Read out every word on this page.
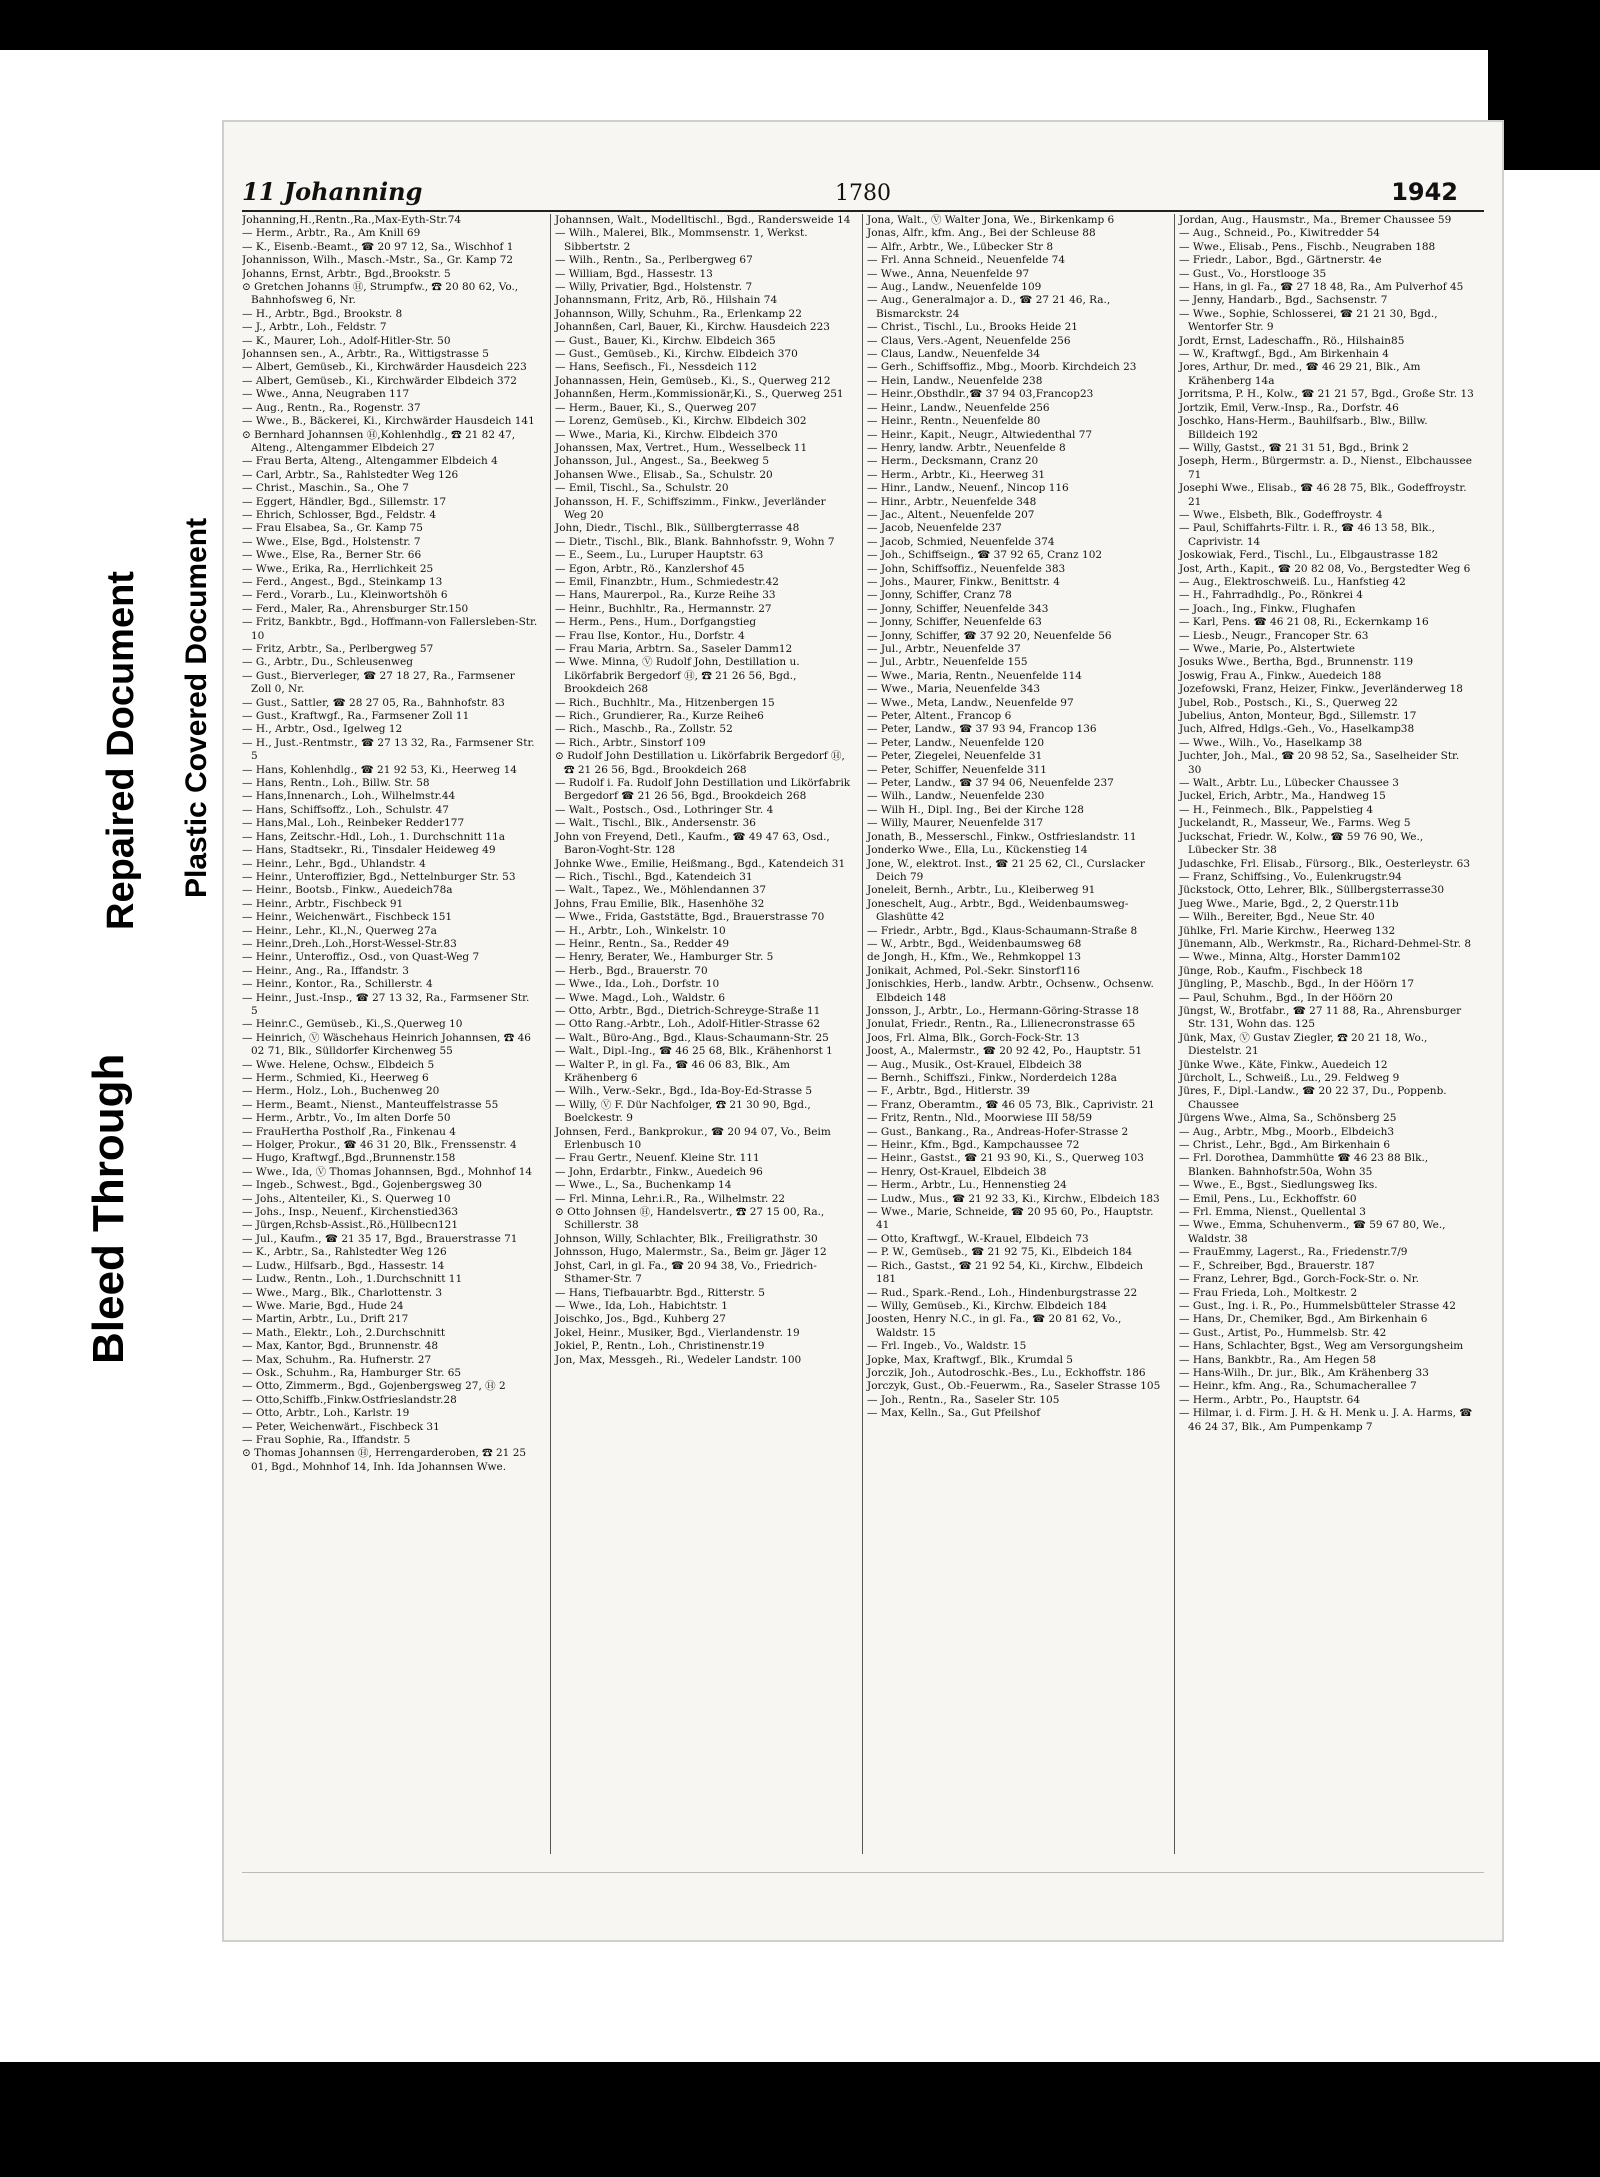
Bleed Through
Repaired Document Plastic Covered Document
11 Johanning	1780	1942

Johanning,H.,Rentn.,Ra.,Max-Eyth-Str.74

— Herm., Arbtr., Ra., Am Knill 69

— K., Eisenb.-Beamt., ☎ 20 97 12, Sa., Wischhof 1

Johannisson, Wilh., Masch.-Mstr., Sa., Gr. Kamp 72

Johanns, Ernst, Arbtr., Bgd.,Brookstr. 5

⊙ Gretchen Johanns Ⓗ, Strumpfw., ☎ 20 80 62, Vo., Bahnhofsweg 6, Nr.

— H., Arbtr., Bgd., Brookstr. 8

— J., Arbtr., Loh., Feldstr. 7

— K., Maurer, Loh., Adolf-Hitler-Str. 50

Johannsen sen., A., Arbtr., Ra., Wittigstrasse 5

— Albert, Gemüseb., Ki., Kirchwärder Hausdeich 223

— Albert, Gemüseb., Ki., Kirchwärder Elbdeich 372

— Wwe., Anna, Neugraben 117

— Aug., Rentn., Ra., Rogenstr. 37

— Wwe., B., Bäckerei, Ki., Kirchwärder Hausdeich 141

⊙ Bernhard Johannsen Ⓗ,Kohlenhdlg., ☎ 21 82 47, Alteng., Altengammer Elbdeich 27

— Frau Berta, Alteng., Altengammer Elbdeich 4

— Carl, Arbtr., Sa., Rahlstedter Weg 126

— Christ., Maschin., Sa., Ohe 7

— Eggert, Händler, Bgd., Sillemstr. 17

— Ehrich, Schlosser, Bgd., Feldstr. 4

— Frau Elsabea, Sa., Gr. Kamp 75

— Wwe., Else, Bgd., Holstenstr. 7

— Wwe., Else, Ra., Berner Str. 66

— Wwe., Erika, Ra., Herrlichkeit 25

— Ferd., Angest., Bgd., Steinkamp 13

— Ferd., Vorarb., Lu., Kleinwortshöh 6

— Ferd., Maler, Ra., Ahrensburger Str.150

— Fritz, Bankbtr., Bgd., Hoffmann-von Fallersleben-Str. 10

— Fritz, Arbtr., Sa., Perlbergweg 57

— G., Arbtr., Du., Schleusenweg

— Gust., Bierverleger, ☎ 27 18 27, Ra., Farmsener Zoll 0, Nr.

— Gust., Sattler, ☎ 28 27 05, Ra., Bahnhofstr. 83

— Gust., Kraftwgf., Ra., Farmsener Zoll 11

— H., Arbtr., Osd., Igelweg 12

— H., Just.-Rentmstr., ☎ 27 13 32, Ra., Farmsener Str. 5

— Hans, Kohlenhdlg., ☎ 21 92 53, Ki., Heerweg 14

— Hans, Rentn., Loh., Billw. Str. 58

— Hans,Innenarch., Loh., Wilhelmstr.44

— Hans, Schiffsoffz., Loh., Schulstr. 47

— Hans,Mal., Loh., Reinbeker Redder177

— Hans, Zeitschr.-Hdl., Loh., 1. Durchschnitt 11a

— Hans, Stadtsekr., Ri., Tinsdaler Heideweg 49

— Heinr., Lehr., Bgd., Uhlandstr. 4

— Heinr., Unteroffizier, Bgd., Nettelnburger Str. 53

— Heinr., Bootsb., Finkw., Auedeich78a

— Heinr., Arbtr., Fischbeck 91

— Heinr., Weichenwärt., Fischbeck 151

— Heinr., Lehr., Kl.,N., Querweg 27a

— Heinr.,Dreh.,Loh.,Horst-Wessel-Str.83

— Heinr., Unteroffiz., Osd., von Quast-Weg 7

— Heinr., Ang., Ra., Iffandstr. 3

— Heinr., Kontor., Ra., Schillerstr. 4

— Heinr., Just.-Insp., ☎ 27 13 32, Ra., Farmsener Str. 5

— Heinr.C., Gemüseb., Ki.,S.,Querweg 10

— Heinrich, Ⓥ Wäschehaus Heinrich Johannsen, ☎ 46 02 71, Blk., Sülldorfer Kirchenweg 55

— Wwe. Helene, Ochsw., Elbdeich 5

— Herm., Schmied, Ki., Heerweg 6

— Herm., Holz., Loh., Buchenweg 20

— Herm., Beamt., Nienst., Manteuffelstrasse 55

— Herm., Arbtr., Vo., Im alten Dorfe 50

— FrauHertha Postholf ,Ra., Finkenau 4

— Holger, Prokur., ☎ 46 31 20, Blk., Frenssenstr. 4

— Hugo, Kraftwgf.,Bgd.,Brunnenstr.158

— Wwe., Ida, Ⓥ Thomas Johannsen, Bgd., Mohnhof 14

— Ingeb., Schwest., Bgd., Gojenbergsweg 30

— Johs., Altenteiler, Ki., S. Querweg 10

— Johs., Insp., Neuenf., Kirchenstied363

— Jürgen,Rchsb-Assist.,Rö.,Hüllbecn121

— Jul., Kaufm., ☎ 21 35 17, Bgd., Brauerstrasse 71

— K., Arbtr., Sa., Rahlstedter Weg 126

— Ludw., Hilfsarb., Bgd., Hassestr. 14

— Ludw., Rentn., Loh., 1.Durchschnitt 11

— Wwe., Marg., Blk., Charlottenstr. 3

— Wwe. Marie, Bgd., Hude 24

— Martin, Arbtr., Lu., Drift 217

— Math., Elektr., Loh., 2.Durchschnitt

— Max, Kantor, Bgd., Brunnenstr. 48

— Max, Schuhm., Ra. Hufnerstr. 27

— Osk., Schuhm., Ra, Hamburger Str. 65

— Otto, Zimmerm., Bgd., Gojenbergsweg 27, Ⓗ 2

— Otto,Schiffb.,Finkw.Ostfrieslandstr.28

— Otto, Arbtr., Loh., Karlstr. 19

— Peter, Weichenwärt., Fischbeck 31

— Frau Sophie, Ra., Iffandstr. 5

⊙ Thomas Johannsen Ⓗ, Herrengarderoben, ☎ 21 25 01, Bgd., Mohnhof 14, Inh. Ida Johannsen Wwe.

Johannsen, Walt., Modelltischl., Bgd., Randersweide 14

— Wilh., Malerei, Blk., Mommsenstr. 1, Werkst. Sibbertstr. 2

— Wilh., Rentn., Sa., Perlbergweg 67

— William, Bgd., Hassestr. 13

— Willy, Privatier, Bgd., Holstenstr. 7

Johannsmann, Fritz, Arb, Rö., Hilshain 74

Johannson, Willy, Schuhm., Ra., Erlenkamp 22

Johannßen, Carl, Bauer, Ki., Kirchw. Hausdeich 223

— Gust., Bauer, Ki., Kirchw. Elbdeich 365

— Gust., Gemüseb., Ki., Kirchw. Elbdeich 370

— Hans, Seefisch., Fi., Nessdeich 112

Johannassen, Hein, Gemüseb., Ki., S., Querweg 212

Johannßen, Herm.,Kommissionär,Ki., S., Querweg 251

— Herm., Bauer, Ki., S., Querweg 207

— Lorenz, Gemüseb., Ki., Kirchw. Elbdeich 302

— Wwe., Maria, Ki., Kirchw. Elbdeich 370

Johanssen, Max, Vertret., Hum., Wesselbeck 11

Johansson, Jul., Angest., Sa., Beekweg 5

Johansen Wwe., Elisab., Sa., Schulstr. 20

— Emil, Tischl., Sa., Schulstr. 20

Johansson, H. F., Schiffszimm., Finkw., Jeverländer Weg 20

John, Diedr., Tischl., Blk., Süllbergterrasse 48

— Dietr., Tischl., Blk., Blank. Bahnhofsstr. 9, Wohn 7

— E., Seem., Lu., Luruper Hauptstr. 63

— Egon, Arbtr., Rö., Kanzlershof 45

— Emil, Finanzbtr., Hum., Schmiedestr.42

— Hans, Maurerpol., Ra., Kurze Reihe 33

— Heinr., Buchhltr., Ra., Hermannstr. 27

— Herm., Pens., Hum., Dorfgangstieg

— Frau Ilse, Kontor., Hu., Dorfstr. 4

— Frau Maria, Arbtrn. Sa., Saseler Damm12

— Wwe. Minna, Ⓥ Rudolf John, Destillation u. Likörfabrik Bergedorf Ⓗ, ☎ 21 26 56, Bgd., Brookdeich 268

— Rich., Buchhltr., Ma., Hitzenbergen 15

— Rich., Grundierer, Ra., Kurze Reihe6

— Rich., Maschb., Ra., Zollstr. 52

— Rich., Arbtr., Sinstorf 109

⊙ Rudolf John Destillation u. Likörfabrik Bergedorf Ⓗ, ☎ 21 26 56, Bgd., Brookdeich 268

— Rudolf i. Fa. Rudolf John Destillation und Likörfabrik Bergedorf ☎ 21 26 56, Bgd., Brookdeich 268

— Walt., Postsch., Osd., Lothringer Str. 4

— Walt., Tischl., Blk., Andersenstr. 36

John von Freyend, Detl., Kaufm., ☎ 49 47 63, Osd., Baron-Voght-Str. 128

Johnke Wwe., Emilie, Heißmang., Bgd., Katendeich 31

— Rich., Tischl., Bgd., Katendeich 31

— Walt., Tapez., We., Möhlendannen 37

Johns, Frau Emilie, Blk., Hasenhöhe 32

— Wwe., Frida, Gaststätte, Bgd., Brauerstrasse 70

— H., Arbtr., Loh., Winkelstr. 10

— Heinr., Rentn., Sa., Redder 49

— Henry, Berater, We., Hamburger Str. 5

— Herb., Bgd., Brauerstr. 70

— Wwe., Ida., Loh., Dorfstr. 10

— Wwe. Magd., Loh., Waldstr. 6

— Otto, Arbtr., Bgd., Dietrich-Schreyge-Straße 11

— Otto Rang.-Arbtr., Loh., Adolf-Hitler-Strasse 62

— Walt., Büro-Ang., Bgd., Klaus-Schaumann-Str. 25

— Walt., Dipl.-Ing., ☎ 46 25 68, Blk., Krähenhorst 1

— Walter P., in gl. Fa., ☎ 46 06 83, Blk., Am Krähenberg 6

— Wilh., Verw.-Sekr., Bgd., Ida-Boy-Ed-Strasse 5

— Willy, Ⓥ F. Dür Nachfolger, ☎ 21 30 90, Bgd., Boelckestr. 9

Johnsen, Ferd., Bankprokur., ☎ 20 94 07, Vo., Beim Erlenbusch 10

— Frau Gertr., Neuenf. Kleine Str. 111

— John, Erdarbtr., Finkw., Auedeich 96

— Wwe., L., Sa., Buchenkamp 14

— Frl. Minna, Lehr.i.R., Ra., Wilhelmstr. 22

⊙ Otto Johnsen Ⓗ, Handelsvertr., ☎ 27 15 00, Ra., Schillerstr. 38

Johnson, Willy, Schlachter, Blk., Freiligrathstr. 30

Johnsson, Hugo, Malermstr., Sa., Beim gr. Jäger 12

Johst, Carl, in gl. Fa., ☎ 20 94 38, Vo., Friedrich-Sthamer-Str. 7

— Hans, Tiefbauarbtr. Bgd., Ritterstr. 5

— Wwe., Ida, Loh., Habichtstr. 1

Joischko, Jos., Bgd., Kuhberg 27

Jokel, Heinr., Musiker, Bgd., Vierlandenstr. 19

Jokiel, P., Rentn., Loh., Christinenstr.19

Jon, Max, Messgeh., Ri., Wedeler Landstr. 100

Jona, Walt., Ⓥ Walter Jona, We., Birkenkamp 6

Jonas, Alfr., kfm. Ang., Bei der Schleuse 88

— Alfr., Arbtr., We., Lübecker Str 8

— Frl. Anna Schneid., Neuenfelde 74

— Wwe., Anna, Neuenfelde 97

— Aug., Landw., Neuenfelde 109

— Aug., Generalmajor a. D., ☎ 27 21 46, Ra., Bismarckstr. 24

— Christ., Tischl., Lu., Brooks Heide 21

— Claus, Vers.-Agent, Neuenfelde 256

— Claus, Landw., Neuenfelde 34

— Gerh., Schiffsoffiz., Mbg., Moorb. Kirchdeich 23

— Hein, Landw., Neuenfelde 238

— Heinr.,Obsthdlr.,☎ 37 94 03,Francop23

— Heinr., Landw., Neuenfelde 256

— Heinr., Rentn., Neuenfelde 80

— Heinr., Kapit., Neugr., Altwiedenthal 77

— Henry, landw. Arbtr., Neuenfelde 8

— Herm., Decksmann, Cranz 20

— Herm., Arbtr., Ki., Heerweg 31

— Hinr., Landw., Neuenf., Nincop 116

— Hinr., Arbtr., Neuenfelde 348

— Jac., Altent., Neuenfelde 207

— Jacob, Neuenfelde 237

— Jacob, Schmied, Neuenfelde 374

— Joh., Schiffseign., ☎ 37 92 65, Cranz 102

— John, Schiffsoffiz., Neuenfelde 383

— Johs., Maurer, Finkw., Benittstr. 4

— Jonny, Schiffer, Cranz 78

— Jonny, Schiffer, Neuenfelde 343

— Jonny, Schiffer, Neuenfelde 63

— Jonny, Schiffer, ☎ 37 92 20, Neuenfelde 56

— Jul., Arbtr., Neuenfelde 37

— Jul., Arbtr., Neuenfelde 155

— Wwe., Maria, Rentn., Neuenfelde 114

— Wwe., Maria, Neuenfelde 343

— Wwe., Meta, Landw., Neuenfelde 97

— Peter, Altent., Francop 6

— Peter, Landw., ☎ 37 93 94, Francop 136

— Peter, Landw., Neuenfelde 120

— Peter, Ziegelei, Neuenfelde 31

— Peter, Schiffer, Neuenfelde 311

— Peter, Landw., ☎ 37 94 06, Neuenfelde 237

— Wilh., Landw., Neuenfelde 230

— Wilh H., Dipl. Ing., Bei der Kirche 128

— Willy, Maurer, Neuenfelde 317

Jonath, B., Messerschl., Finkw., Ostfrieslandstr. 11

Jonderko Wwe., Ella, Lu., Kückenstieg 14

Jone, W., elektrot. Inst., ☎ 21 25 62, Cl., Curslacker Deich 79

Joneleit, Bernh., Arbtr., Lu., Kleiberweg 91

Joneschelt, Aug., Arbtr., Bgd., Weidenbaumsweg-Glashütte 42

— Friedr., Arbtr., Bgd., Klaus-Schaumann-Straße 8

— W., Arbtr., Bgd., Weidenbaumsweg 68

de Jongh, H., Kfm., We., Rehmkoppel 13

Jonikait, Achmed, Pol.-Sekr. Sinstorf116

Jonischkies, Herb., landw. Arbtr., Ochsenw., Ochsenw. Elbdeich 148

Jonsson, J., Arbtr., Lo., Hermann-Göring-Strasse 18

Jonulat, Friedr., Rentn., Ra., Lilienecronstrasse 65

Joos, Frl. Alma, Blk., Gorch-Fock-Str. 13

Joost, A., Malermstr., ☎ 20 92 42, Po., Hauptstr. 51

— Aug., Musik., Ost-Krauel, Elbdeich 38

— Bernh., Schiffszi., Finkw., Norderdeich 128a

— F., Arbtr., Bgd., Hitlerstr. 39

— Franz, Oberamtm., ☎ 46 05 73, Blk., Caprivistr. 21

— Fritz, Rentn., Nld., Moorwiese III 58/59

— Gust., Bankang., Ra., Andreas-Hofer-Strasse 2

— Heinr., Kfm., Bgd., Kampchaussee 72

— Heinr., Gastst., ☎ 21 93 90, Ki., S., Querweg 103

— Henry, Ost-Krauel, Elbdeich 38

— Herm., Arbtr., Lu., Hennenstieg 24

— Ludw., Mus., ☎ 21 92 33, Ki., Kirchw., Elbdeich 183

— Wwe., Marie, Schneide, ☎ 20 95 60, Po., Hauptstr. 41

— Otto, Kraftwgf., W.-Krauel, Elbdeich 73

— P. W., Gemüseb., ☎ 21 92 75, Ki., Elbdeich 184

— Rich., Gastst., ☎ 21 92 54, Ki., Kirchw., Elbdeich 181

— Rud., Spark.-Rend., Loh., Hindenburgstrasse 22

— Willy, Gemüseb., Ki., Kirchw. Elbdeich 184

Joosten, Henry N.C., in gl. Fa., ☎ 20 81 62, Vo., Waldstr. 15

— Frl. Ingeb., Vo., Waldstr. 15

Jopke, Max, Kraftwgf., Blk., Krumdal 5

Jorczik, Joh., Autodroschk.-Bes., Lu., Eckhoffstr. 186

Jorczyk, Gust., Ob.-Feuerwm., Ra., Saseler Strasse 105

— Joh., Rentn., Ra., Saseler Str. 105

— Max, Kelln., Sa., Gut Pfeilshof

Jordan, Aug., Hausmstr., Ma., Bremer Chaussee 59

— Aug., Schneid., Po., Kiwitredder 54

— Wwe., Elisab., Pens., Fischb., Neugraben 188

— Friedr., Labor., Bgd., Gärtnerstr. 4e

— Gust., Vo., Horstlooge 35

— Hans, in gl. Fa., ☎ 27 18 48, Ra., Am Pulverhof 45

— Jenny, Handarb., Bgd., Sachsenstr. 7

— Wwe., Sophie, Schlosserei, ☎ 21 21 30, Bgd., Wentorfer Str. 9

Jordt, Ernst, Ladeschaffn., Rö., Hilshain85

— W., Kraftwgf., Bgd., Am Birkenhain 4

Jores, Arthur, Dr. med., ☎ 46 29 21, Blk., Am Krähenberg 14a

Jorritsma, P. H., Kolw., ☎ 21 21 57, Bgd., Große Str. 13

Jortzik, Emil, Verw.-Insp., Ra., Dorfstr. 46

Joschko, Hans-Herm., Bauhilfsarb., Blw., Billw. Billdeich 192

— Willy, Gastst., ☎ 21 31 51, Bgd., Brink 2

Joseph, Herm., Bürgermstr. a. D., Nienst., Elbchaussee 71

Josephi Wwe., Elisab., ☎ 46 28 75, Blk., Godeffroystr. 21

— Wwe., Elsbeth, Blk., Godeffroystr. 4

— Paul, Schiffahrts-Filtr. i. R., ☎ 46 13 58, Blk., Caprivistr. 14

Joskowiak, Ferd., Tischl., Lu., Elbgaustrasse 182

Jost, Arth., Kapit., ☎ 20 82 08, Vo., Bergstedter Weg 6

— Aug., Elektroschweiß. Lu., Hanfstieg 42

— H., Fahrradhdlg., Po., Rönkrei 4

— Joach., Ing., Finkw., Flughafen

— Karl, Pens. ☎ 46 21 08, Ri., Eckernkamp 16

— Liesb., Neugr., Francoper Str. 63

— Wwe., Marie, Po., Alstertwiete

Josuks Wwe., Bertha, Bgd., Brunnenstr. 119

Joswig, Frau A., Finkw., Auedeich 188

Jozefowski, Franz, Heizer, Finkw., Jeverländerweg 18

Jubel, Rob., Postsch., Ki., S., Querweg 22

Jubelius, Anton, Monteur, Bgd., Sillemstr. 17

Juch, Alfred, Hdlgs.-Geh., Vo., Haselkamp38

— Wwe., Wilh., Vo., Haselkamp 38

Juchter, Joh., Mal., ☎ 20 98 52, Sa., Saselheider Str. 30

— Walt., Arbtr. Lu., Lübecker Chaussee 3

Juckel, Erich, Arbtr., Ma., Handweg 15

— H., Feinmech., Blk., Pappelstieg 4

Juckelandt, R., Masseur, We., Farms. Weg 5

Juckschat, Friedr. W., Kolw., ☎ 59 76 90, We., Lübecker Str. 38

Judaschke, Frl. Elisab., Fürsorg., Blk., Oesterleystr. 63

— Franz, Schiffsing., Vo., Eulenkrugstr.94

Jückstock, Otto, Lehrer, Blk., Süllbergsterrasse30

Jueg Wwe., Marie, Bgd., 2, 2 Querstr.11b

— Wilh., Bereiter, Bgd., Neue Str. 40

Jühlke, Frl. Marie Kirchw., Heerweg 132

Jünemann, Alb., Werkmstr., Ra., Richard-Dehmel-Str. 8

— Wwe., Minna, Altg., Horster Damm102

Jünge, Rob., Kaufm., Fischbeck 18

Jüngling, P., Maschb., Bgd., In der Höörn 17

— Paul, Schuhm., Bgd., In der Höörn 20

Jüngst, W., Brotfabr., ☎ 27 11 88, Ra., Ahrensburger Str. 131, Wohn das. 125

Jünk, Max, Ⓥ Gustav Ziegler, ☎ 20 21 18, Wo., Diestelstr. 21

Jünke Wwe., Käte, Finkw., Auedeich 12

Jürcholt, L., Schweiß., Lu., 29. Feldweg 9

Jüres, F., Dipl.-Landw., ☎ 20 22 37, Du., Poppenb. Chaussee

Jürgens Wwe., Alma, Sa., Schönsberg 25

— Aug., Arbtr., Mbg., Moorb., Elbdeich3

— Christ., Lehr., Bgd., Am Birkenhain 6

— Frl. Dorothea, Dammhütte ☎ 46 23 88 Blk., Blanken. Bahnhofstr.50a, Wohn 35

— Wwe., E., Bgst., Siedlungsweg Iks.

— Emil, Pens., Lu., Eckhoffstr. 60

— Frl. Emma, Nienst., Quellental 3

— Wwe., Emma, Schuhenverm., ☎ 59 67 80, We., Waldstr. 38

— FrauEmmy, Lagerst., Ra., Friedenstr.7/9

— F., Schreiber, Bgd., Brauerstr. 187

— Franz, Lehrer, Bgd., Gorch-Fock-Str. o. Nr.

— Frau Frieda, Loh., Moltkestr. 2

— Gust., Ing. i. R., Po., Hummelsbütteler Strasse 42

— Hans, Dr., Chemiker, Bgd., Am Birkenhain 6

— Gust., Artist, Po., Hummelsb. Str. 42

— Hans, Schlachter, Bgst., Weg am Versorgungsheim

— Hans, Bankbtr., Ra., Am Hegen 58

— Hans-Wilh., Dr. jur., Blk., Am Krähenberg 33

— Heinr., kfm. Ang., Ra., Schumacherallee 7

— Herm., Arbtr., Po., Hauptstr. 64

— Hilmar, i. d. Firm. J. H. & H. Menk u. J. A. Harms, ☎ 46 24 37, Blk., Am Pumpenkamp 7
